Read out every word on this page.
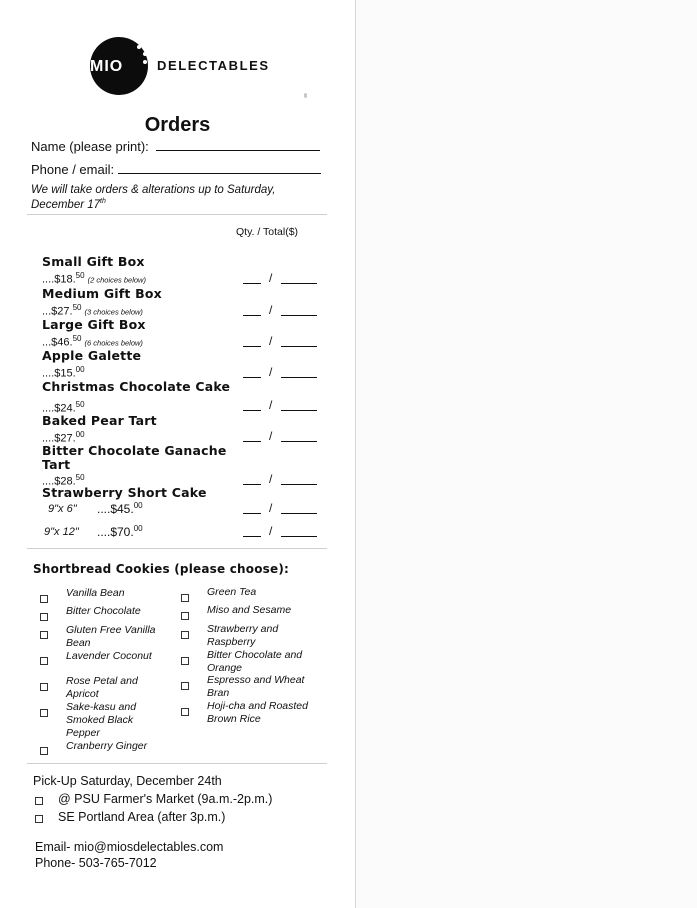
MIO	DELECTABLES
Orders
Name (please print):
Phone / email:
We will take orders & alterations up to Saturday,
December 17th
Qty. / Total($)
Small Gift Box
....$18.50 (2 choices below)	/
Medium Gift Box
...$27.50 (3 choices below)	/
Large Gift Box
...$46.50 (6 choices below)	/
Apple Galette
....$15.00	/
Christmas Chocolate Cake
....$24.50	/
Baked Pear Tart
....$27.00	/
Bitter Chocolate Ganache
Tart
....$28.50	/
Strawberry Short Cake
9"x 6" ....$45.00	/
9"x 12" ....$70.00	/
Shortbread Cookies (please choose):
Vanilla Bean
Bitter Chocolate
Gluten Free Vanilla
Bean
Lavender Coconut
Rose Petal and
Apricot
Sake-kasu and
Smoked Black
Pepper
Cranberry Ginger
Green Tea
Miso and Sesame
Strawberry and
Raspberry
Bitter Chocolate and
Orange
Espresso and Wheat
Bran
Hoji-cha and Roasted
Brown Rice
Pick-Up Saturday, December 24th
@ PSU Farmer's Market (9a.m.-2p.m.)
SE Portland Area (after 3p.m.)
Email- mio@miosdelectables.com
Phone- 503-765-7012
